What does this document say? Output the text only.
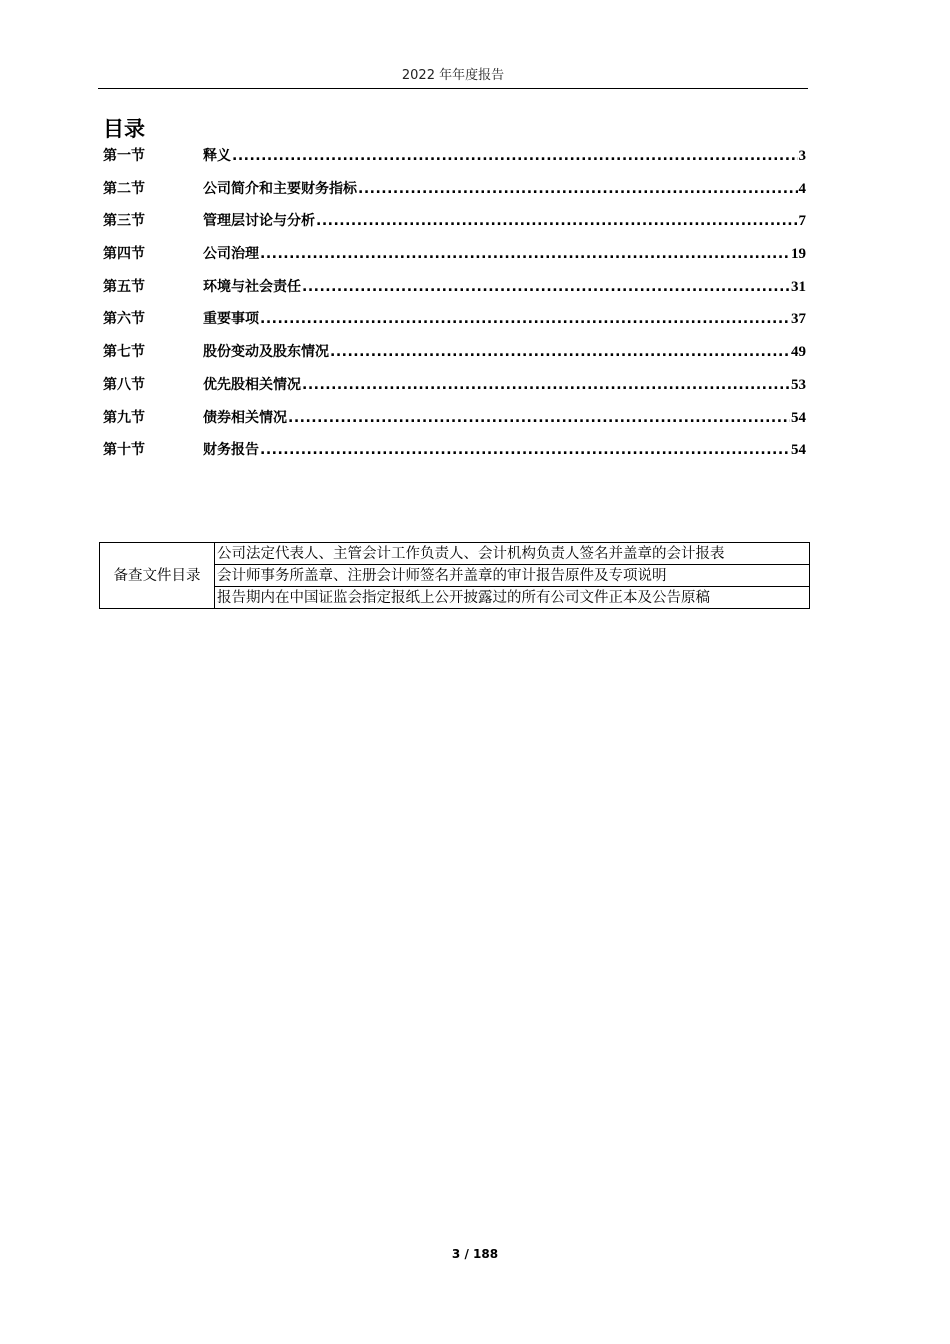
2022 年年度报告
目录
第一节	释义 .....	3
第二节	公司简介和主要财务指标 .....	4
第三节	管理层讨论与分析 .....	7
第四节	公司治理 .....	19
第五节	环境与社会责任 .....	31
第六节	重要事项 .....	37
第七节	股份变动及股东情况 .....	49
第八节	优先股相关情况 .....	53
第九节	债券相关情况 .....	54
第十节	财务报告 .....	54
备查文件目录	公司法定代表人、主管会计工作负责人、会计机构负责人签名并盖章的会计报表
会计师事务所盖章、注册会计师签名并盖章的审计报告原件及专项说明
报告期内在中国证监会指定报纸上公开披露过的所有公司文件正本及公告原稿
3 / 188
